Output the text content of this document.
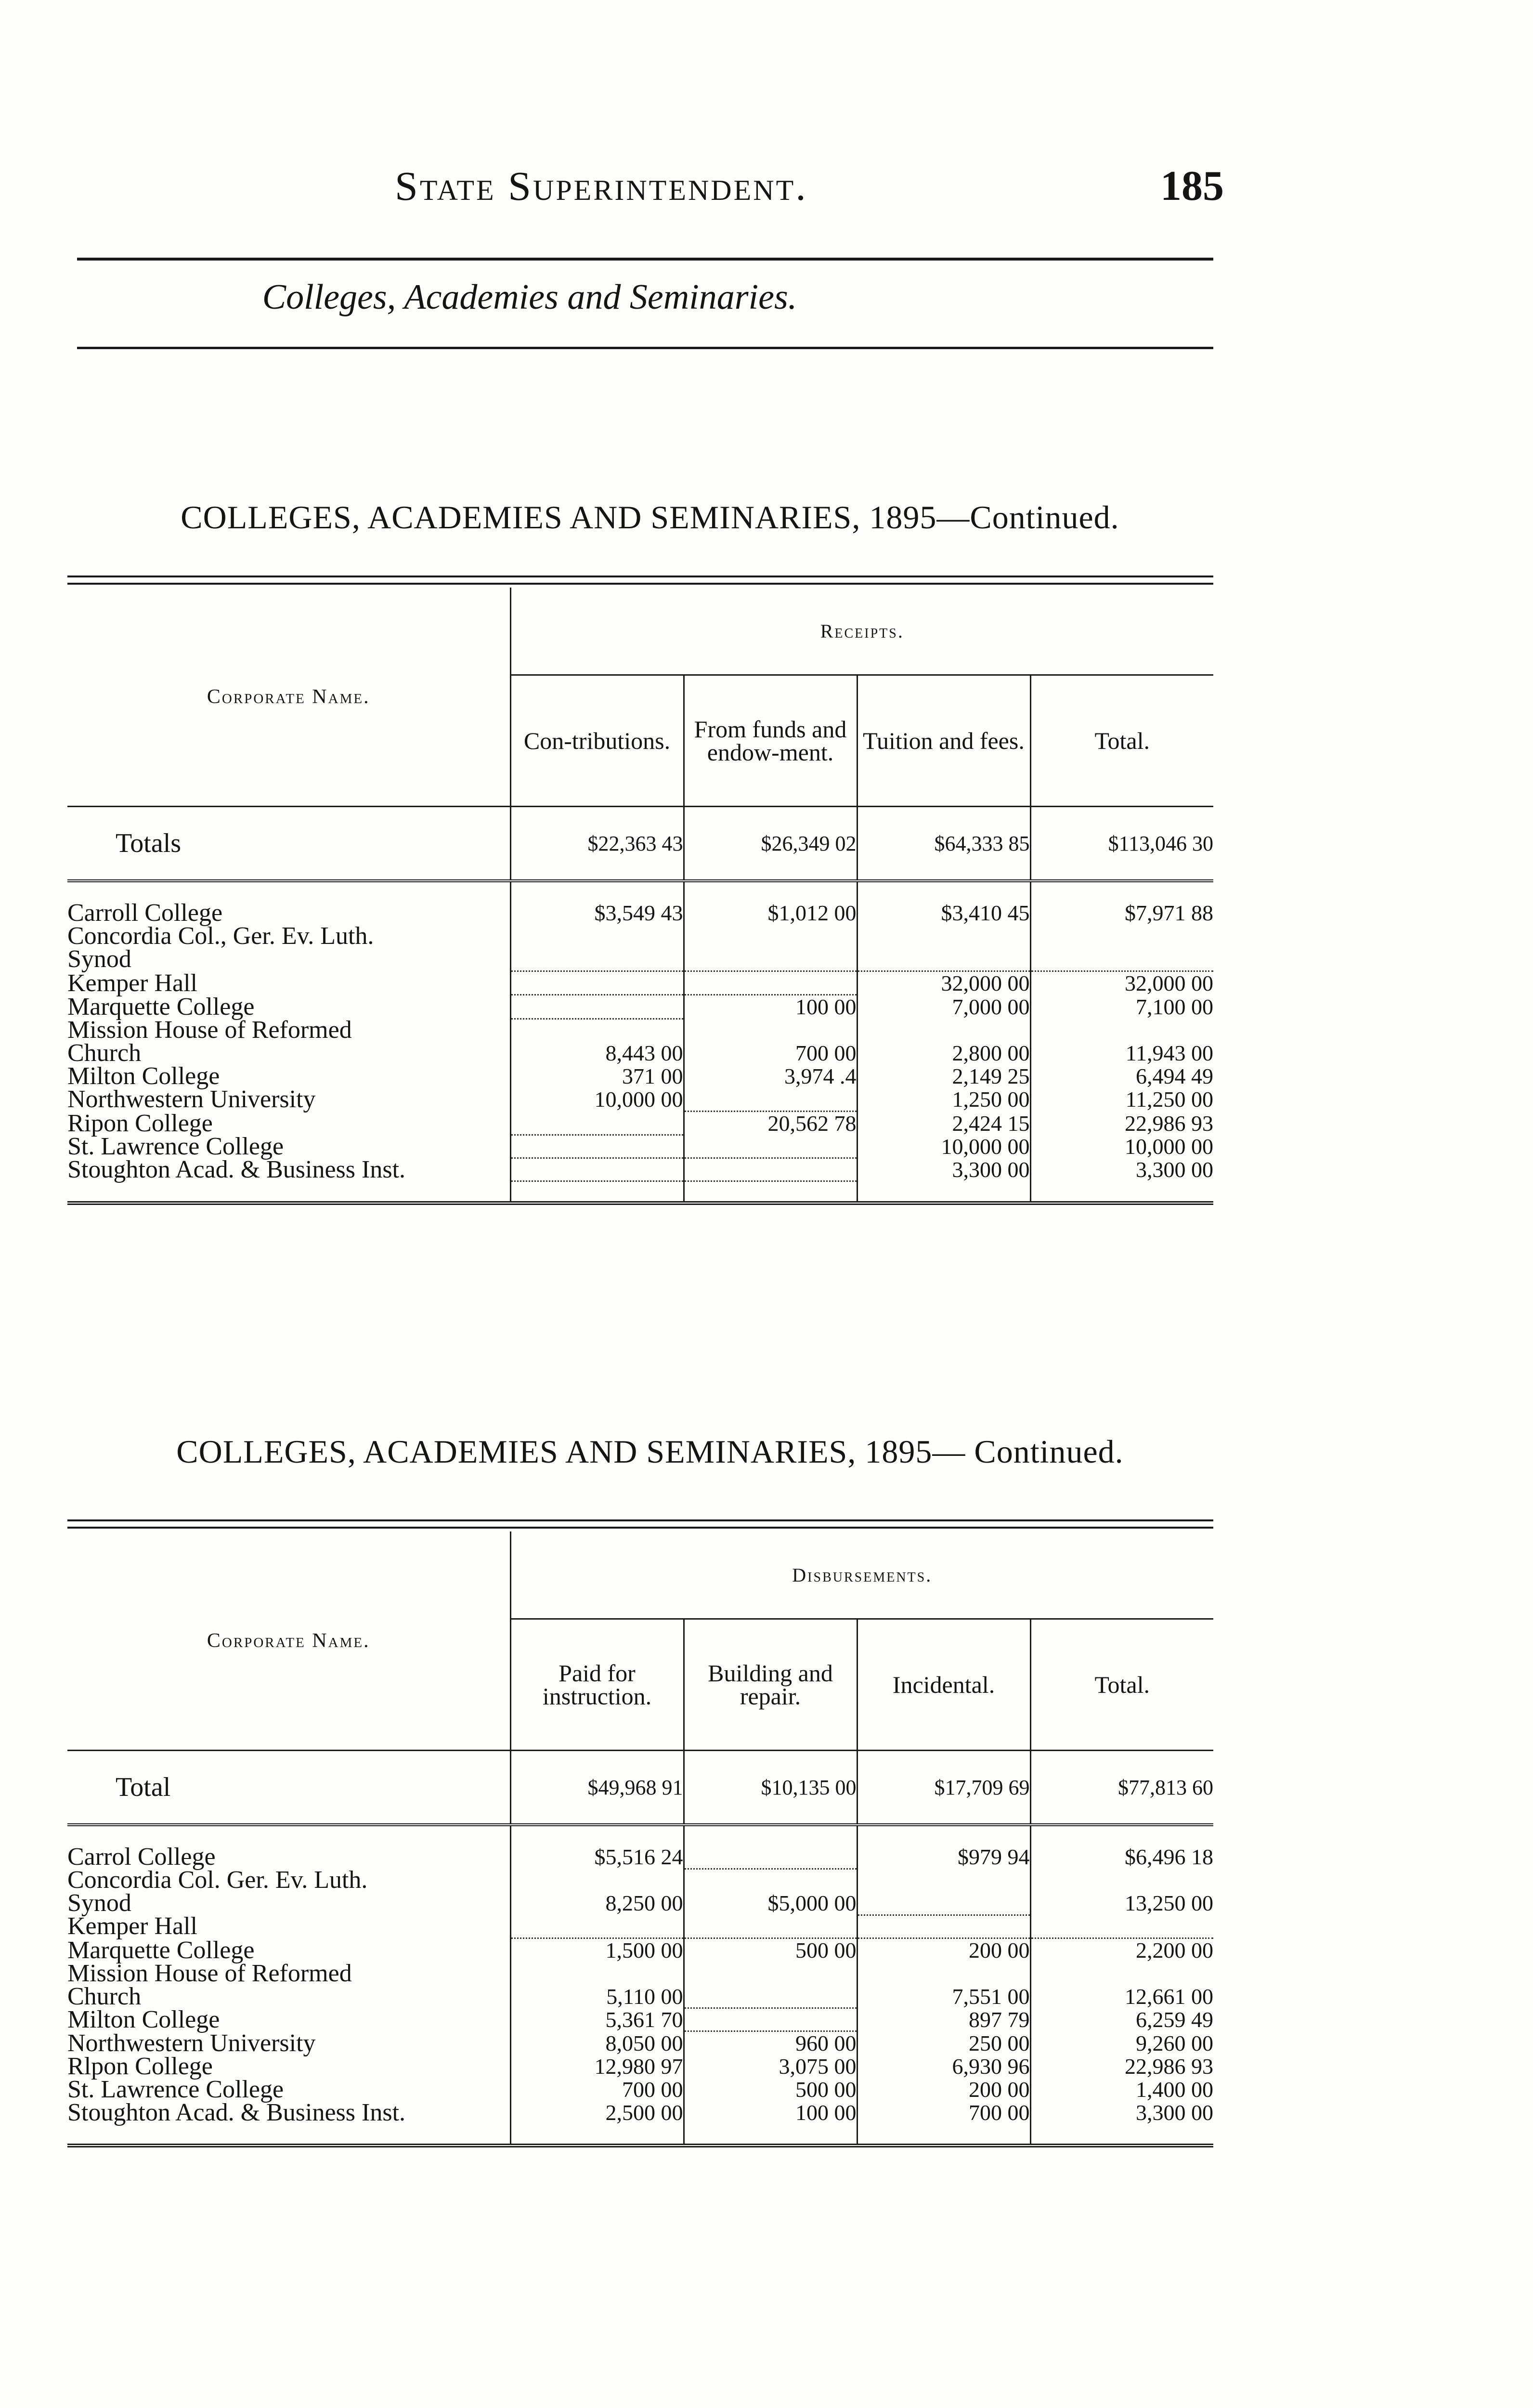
State Superintendent.	185
Colleges, Academies and Seminaries.
COLLEGES, ACADEMIES AND SEMINARIES, 1895—Continued.
Corporate Name.	Receipts.			
	Con-tributions.	From funds and endow-ment.	Tuition and fees.	Total.
Totals	$22,363 43	$26,349 02	$64,333 85	$113,046 30

Carroll College	$3,549 43	$1,012 00	$3,410 45	$7,971 88
Concordia Col., Ger. Ev. Luth.				
Synod				
Kemper Hall			32,000 00	32,000 00
Marquette College		100 00	7,000 00	7,100 00
Mission House of Reformed				
Church	8,443 00	700 00	2,800 00	11,943 00
Milton College	371 00	3,974 .4	2,149 25	6,494 49
Northwestern University	10,000 00		1,250 00	11,250 00
Ripon College		20,562 78	2,424 15	22,986 93
St. Lawrence College			10,000 00	10,000 00
Stoughton Acad. & Business Inst.			3,300 00	3,300 00

COLLEGES, ACADEMIES AND SEMINARIES, 1895— Continued.
Corporate Name.	Disbursements.			
	Paid for instruction.	Building and repair.	Incidental.	Total.
Total	$49,968 91	$10,135 00	$17,709 69	$77,813 60

Carrol College	$5,516 24		$979 94	$6,496 18
Concordia Col. Ger. Ev. Luth.				
Synod	8,250 00	$5,000 00		13,250 00
Kemper Hall				
Marquette College	1,500 00	500 00	200 00	2,200 00
Mission House of Reformed				
Church	5,110 00		7,551 00	12,661 00
Milton College	5,361 70		897 79	6,259 49
Northwestern University	8,050 00	960 00	250 00	9,260 00
Rlpon College	12,980 97	3,075 00	6,930 96	22,986 93
St. Lawrence College	700 00	500 00	200 00	1,400 00
Stoughton Acad. & Business Inst.	2,500 00	100 00	700 00	3,300 00
